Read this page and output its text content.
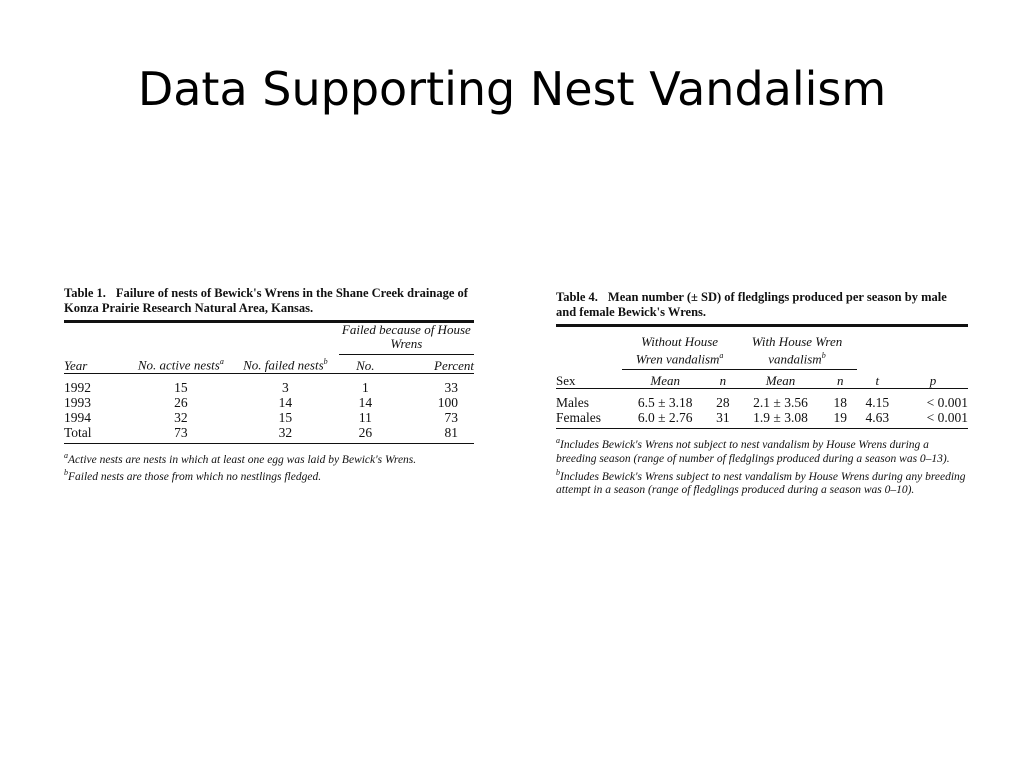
Data Supporting Nest Vandalism
Table 1. Failure of nests of Bewick's Wrens in the Shane Creek drainage of Konza Prairie Research Natural Area, Kansas.
			Failed because of House Wrens	
Year	No. active nests$^a$	No. failed nests$^b$	No.	Percent

1992	15	3	1	33
1993	26	14	14	100
1994	32	15	11	73
Total	73	32	26	81

$^a$Active nests are nests in which at least one egg was laid by Bewick's Wrens.

$^b$Failed nests are those from which no nestlings fledged.

Table 4. Mean number (± SD) of fledglings produced per season by male and female Bewick's Wrens.
	Without House Wren vandalism$^a$		With House Wren vandalism$^b$		
Sex	Mean	n	Mean	n	t	p

Males	6.5 ± 3.18	28	2.1 ± 3.56	18	4.15	< 0.001
Females	6.0 ± 2.76	31	1.9 ± 3.08	19	4.63	< 0.001

$^a$Includes Bewick's Wrens not subject to nest vandalism by House Wrens during a breeding season (range of number of fledglings produced during a season was 0–13).

$^b$Includes Bewick's Wrens subject to nest vandalism by House Wrens during any breeding attempt in a season (range of fledglings produced during a season was 0–10).
